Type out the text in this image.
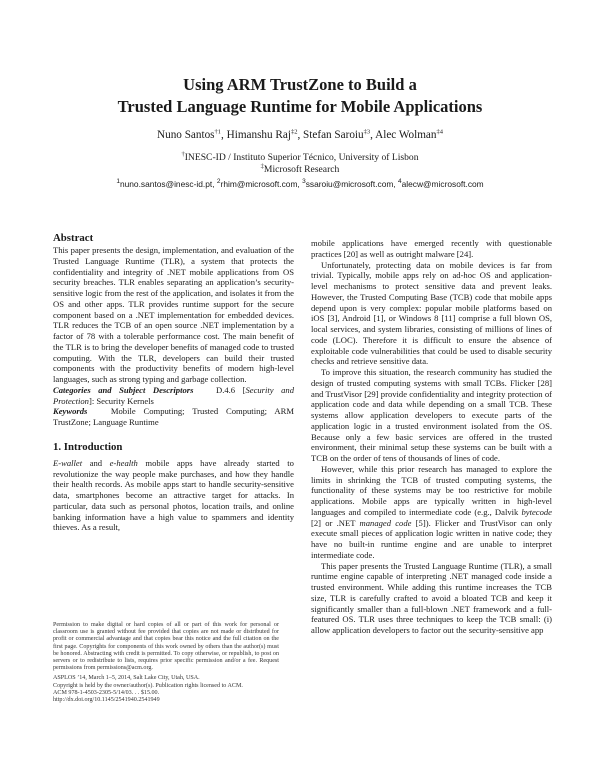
Using ARM TrustZone to Build a
Trusted Language Runtime for Mobile Applications
Nuno Santos$^{\dagger 1}$, Himanshu Raj$^{\ddagger 2}$, Stefan Saroiu$^{\ddagger 3}$, Alec Wolman$^{\ddagger 4}$
†INESC-ID / Instituto Superior Técnico, University of Lisbon
‡Microsoft Research
$^1$nuno.santos@inesc-id.pt, $^2$rhim@microsoft.com, $^3$ssaroiu@microsoft.com, $^4$alecw@microsoft.com
Abstract

This paper presents the design, implementation, and evaluation of the Trusted Language Runtime (TLR), a system that protects the confidentiality and integrity of .NET mobile applications from OS security breaches. TLR enables separating an application’s security-sensitive logic from the rest of the application, and isolates it from the OS and other apps. TLR provides runtime support for the secure component based on a .NET implementation for embedded devices. TLR reduces the TCB of an open source .NET implementation by a factor of 78 with a tolerable performance cost. The main benefit of the TLR is to bring the developer benefits of managed code to trusted computing. With the TLR, developers can build their trusted components with the productivity benefits of modern high-level languages, such as strong typing and garbage collection.

Categories and Subject Descriptors	D.4.6 [Security and Protection]: Security Kernels

Keywords	Mobile Computing; Trusted Computing; ARM TrustZone; Language Runtime

1. Introduction

E-wallet and e-health mobile apps have already started to revolutionize the way people make purchases, and how they handle their health records. As mobile apps start to handle security-sensitive data, smartphones become an attractive target for attacks. In particular, data such as personal photos, location trails, and online banking information have a high value to spammers and identity thieves. As a result,

Permission to make digital or hard copies of all or part of this work for personal or classroom use is granted without fee provided that copies are not made or distributed for profit or commercial advantage and that copies bear this notice and the full citation on the first page. Copyrights for components of this work owned by others than the author(s) must be honored. Abstracting with credit is permitted. To copy otherwise, or republish, to post on servers or to redistribute to lists, requires prior specific permission and/or a fee. Request permissions from permissions@acm.org.

ASPLOS ’14, March 1–5, 2014, Salt Lake City, Utah, USA.

Copyright is held by the owner/author(s). Publication rights licensed to ACM.

ACM 978-1-4503-2305-5/14/03. . . $15.00.

http://dx.doi.org/10.1145/2541940.2541949

mobile applications have emerged recently with questionable practices [20] as well as outright malware [24].

Unfortunately, protecting data on mobile devices is far from trivial. Typically, mobile apps rely on ad-hoc OS and application-level mechanisms to protect sensitive data and prevent leaks. However, the Trusted Computing Base (TCB) code that mobile apps depend upon is very complex: popular mobile platforms based on iOS [3], Android [1], or Windows 8 [11] comprise a full blown OS, local services, and system libraries, consisting of millions of lines of code (LOC). Therefore it is difficult to ensure the absence of exploitable code vulnerabilities that could be used to disable security checks and retrieve sensitive data.

To improve this situation, the research community has studied the design of trusted computing systems with small TCBs. Flicker [28] and TrustVisor [29] provide confidentiality and integrity protection of application code and data while depending on a small TCB. These systems allow application developers to execute parts of the application logic in a trusted environment isolated from the OS. Because only a few basic services are offered in the trusted environment, their minimal setup these systems can be built with a TCB on the order of tens of thousands of lines of code.

However, while this prior research has managed to explore the limits in shrinking the TCB of trusted computing systems, the functionality of these systems may be too restrictive for mobile applications. Mobile apps are typically written in high-level languages and compiled to intermediate code (e.g., Dalvik bytecode [2] or .NET managed code [5]). Flicker and TrustVisor can only execute small pieces of application logic written in native code; they have no built-in runtime engine and are unable to interpret intermediate code.

This paper presents the Trusted Language Runtime (TLR), a small runtime engine capable of interpreting .NET managed code inside a trusted environment. While adding this runtime increases the TCB size, TLR is carefully crafted to avoid a bloated TCB and keep it significantly smaller than a full-blown .NET framework and a full-featured OS. TLR uses three techniques to keep the TCB small: (i) allow application developers to factor out the security-sensitive app
